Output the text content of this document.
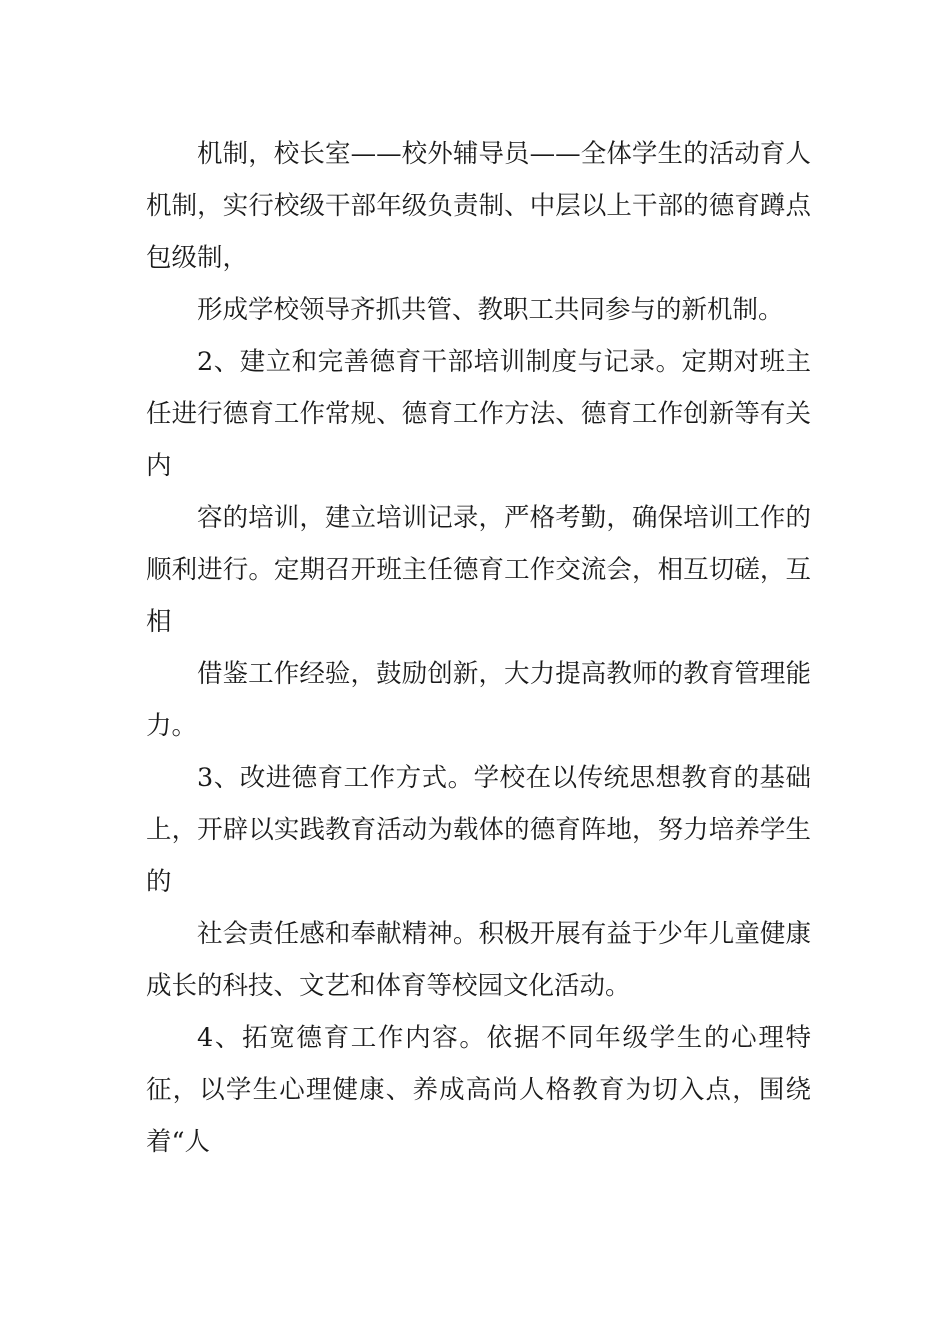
机制，校长室——校外辅导员——全体学生的活动育人机制，实行校级干部年级负责制、中层以上干部的德育蹲点包级制，

形成学校领导齐抓共管、教职工共同参与的新机制。

2、建立和完善德育干部培训制度与记录。定期对班主任进行德育工作常规、德育工作方法、德育工作创新等有关内

容的培训，建立培训记录，严格考勤，确保培训工作的顺利进行。定期召开班主任德育工作交流会，相互切磋，互相

借鉴工作经验，鼓励创新，大力提高教师的教育管理能力。

3、改进德育工作方式。学校在以传统思想教育的基础上，开辟以实践教育活动为载体的德育阵地，努力培养学生的

社会责任感和奉献精神。积极开展有益于少年儿童健康成长的科技、文艺和体育等校园文化活动。

4、拓宽德育工作内容。依据不同年级学生的心理特征，以学生心理健康、养成高尚人格教育为切入点，围绕着“人
